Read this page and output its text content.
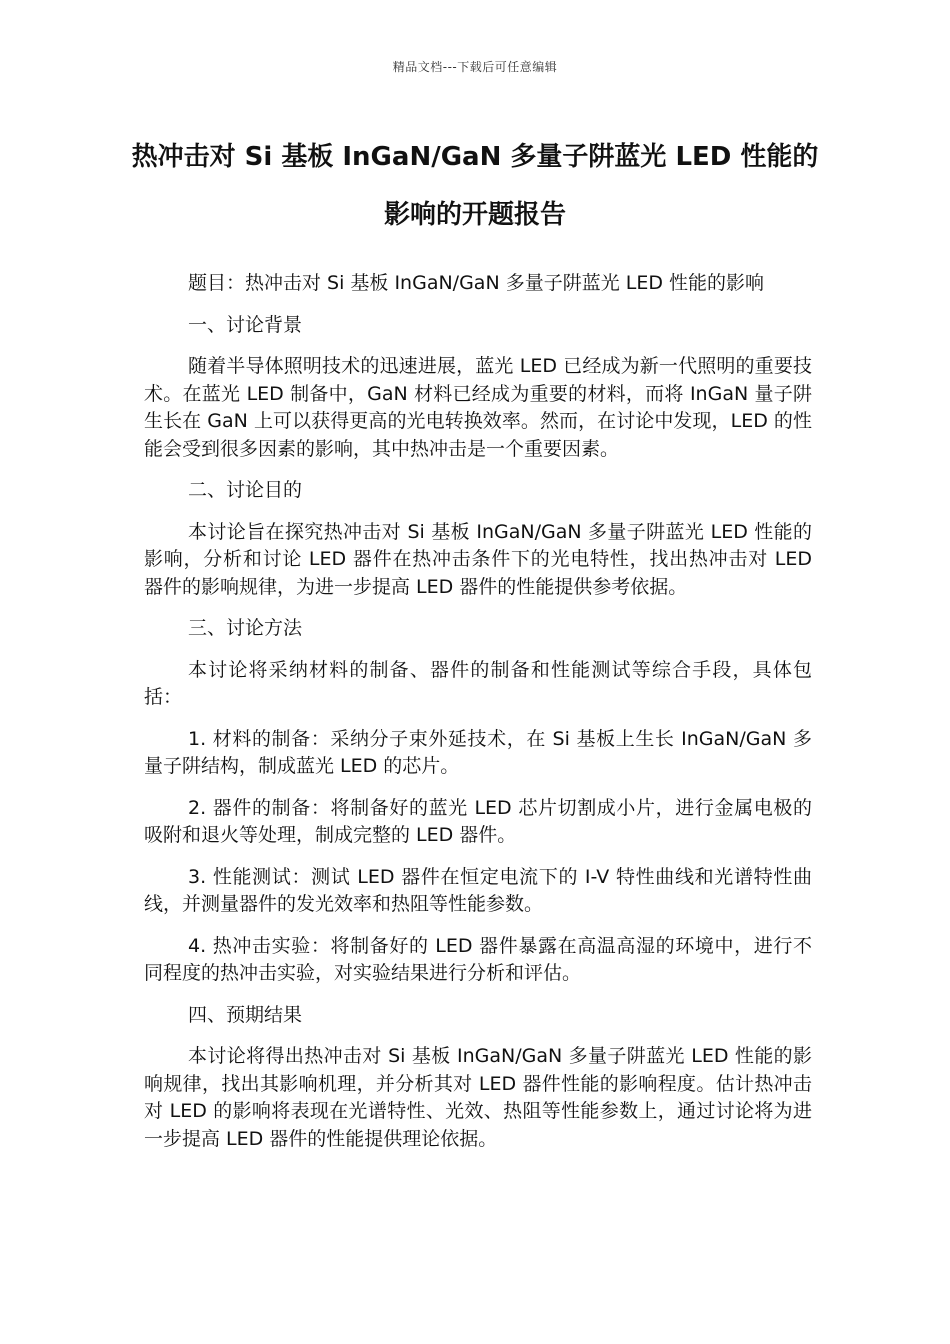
精品文档---下载后可任意编辑
热冲击对 Si 基板 InGaN/GaN 多量子阱蓝光 LED 性能的影响的开题报告

题目：热冲击对 Si 基板 InGaN/GaN 多量子阱蓝光 LED 性能的影响

一、讨论背景

随着半导体照明技术的迅速进展，蓝光 LED 已经成为新一代照明的重要技术。在蓝光 LED 制备中，GaN 材料已经成为重要的材料，而将 InGaN 量子阱生长在 GaN 上可以获得更高的光电转换效率。然而，在讨论中发现，LED 的性能会受到很多因素的影响，其中热冲击是一个重要因素。

二、讨论目的

本讨论旨在探究热冲击对 Si 基板 InGaN/GaN 多量子阱蓝光 LED 性能的影响，分析和讨论 LED 器件在热冲击条件下的光电特性，找出热冲击对 LED 器件的影响规律，为进一步提高 LED 器件的性能提供参考依据。

三、讨论方法

本讨论将采纳材料的制备、器件的制备和性能测试等综合手段，具体包括：

1. 材料的制备：采纳分子束外延技术，在 Si 基板上生长 InGaN/GaN 多量子阱结构，制成蓝光 LED 的芯片。

2. 器件的制备：将制备好的蓝光 LED 芯片切割成小片，进行金属电极的吸附和退火等处理，制成完整的 LED 器件。

3. 性能测试：测试 LED 器件在恒定电流下的 I-V 特性曲线和光谱特性曲线，并测量器件的发光效率和热阻等性能参数。

4. 热冲击实验：将制备好的 LED 器件暴露在高温高湿的环境中，进行不同程度的热冲击实验，对实验结果进行分析和评估。

四、预期结果

本讨论将得出热冲击对 Si 基板 InGaN/GaN 多量子阱蓝光 LED 性能的影响规律，找出其影响机理，并分析其对 LED 器件性能的影响程度。估计热冲击对 LED 的影响将表现在光谱特性、光效、热阻等性能参数上，通过讨论将为进一步提高 LED 器件的性能提供理论依据。
